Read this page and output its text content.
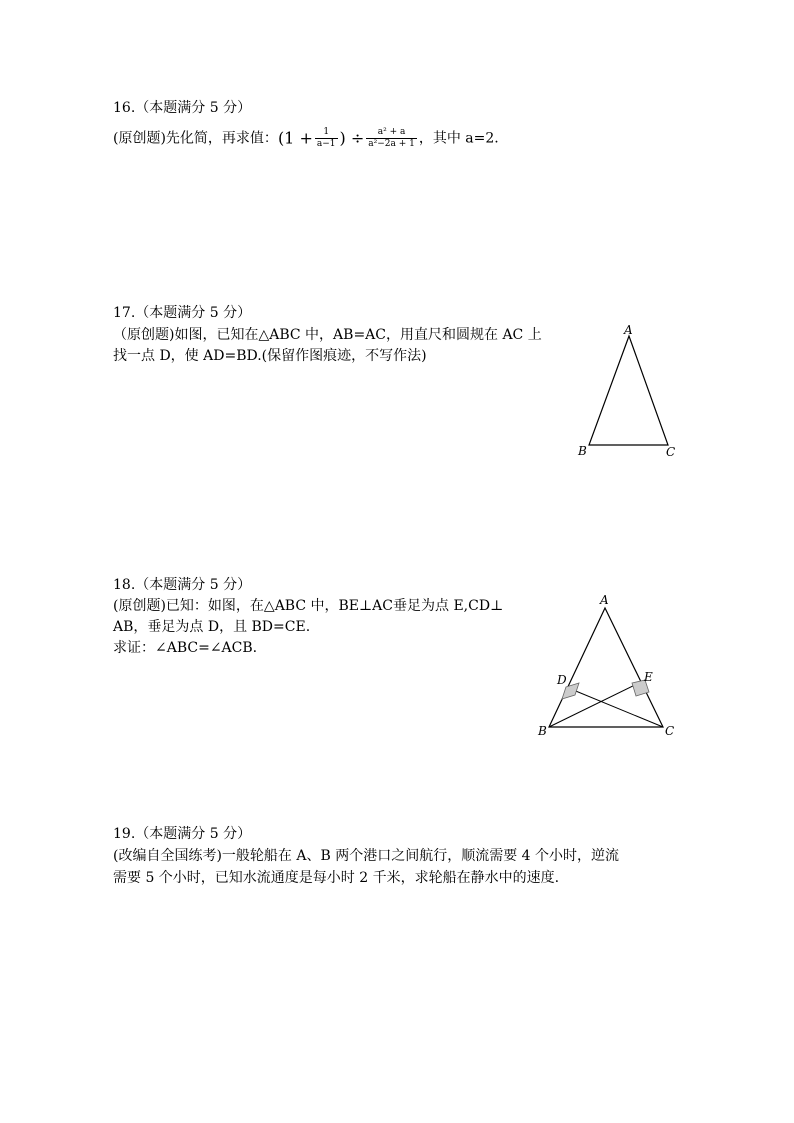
16.（本题满分 5 分）
(原创题)先化简，再求值：($1 + \frac{1}{a-1}$ ) ÷ $\frac{\text{a² + a}}{\text{a²−2a + 1}}$ ，其中 a=2.
17.（本题满分 5 分）
（原创题)如图，已知在△ABC 中，AB=AC，用直尺和圆规在 AC 上
找一点 D，使 AD=BD.(保留作图痕迹，不写作法)
A
B	C
18.（本题满分 5 分）
(原创题)已知：如图，在△ABC 中，BE⊥AC垂足为点 E,CD⊥
AB，垂足为点 D，且 BD=CE.
求证：∠ABC=∠ACB.
A
B	C
D	E
19.（本题满分 5 分）
(改编自全国练考)一般轮船在 A、B 两个港口之间航行，顺流需要 4 个小时，逆流
需要 5 个小时，已知水流通度是每小时 2 千米，求轮船在静水中的速度.
